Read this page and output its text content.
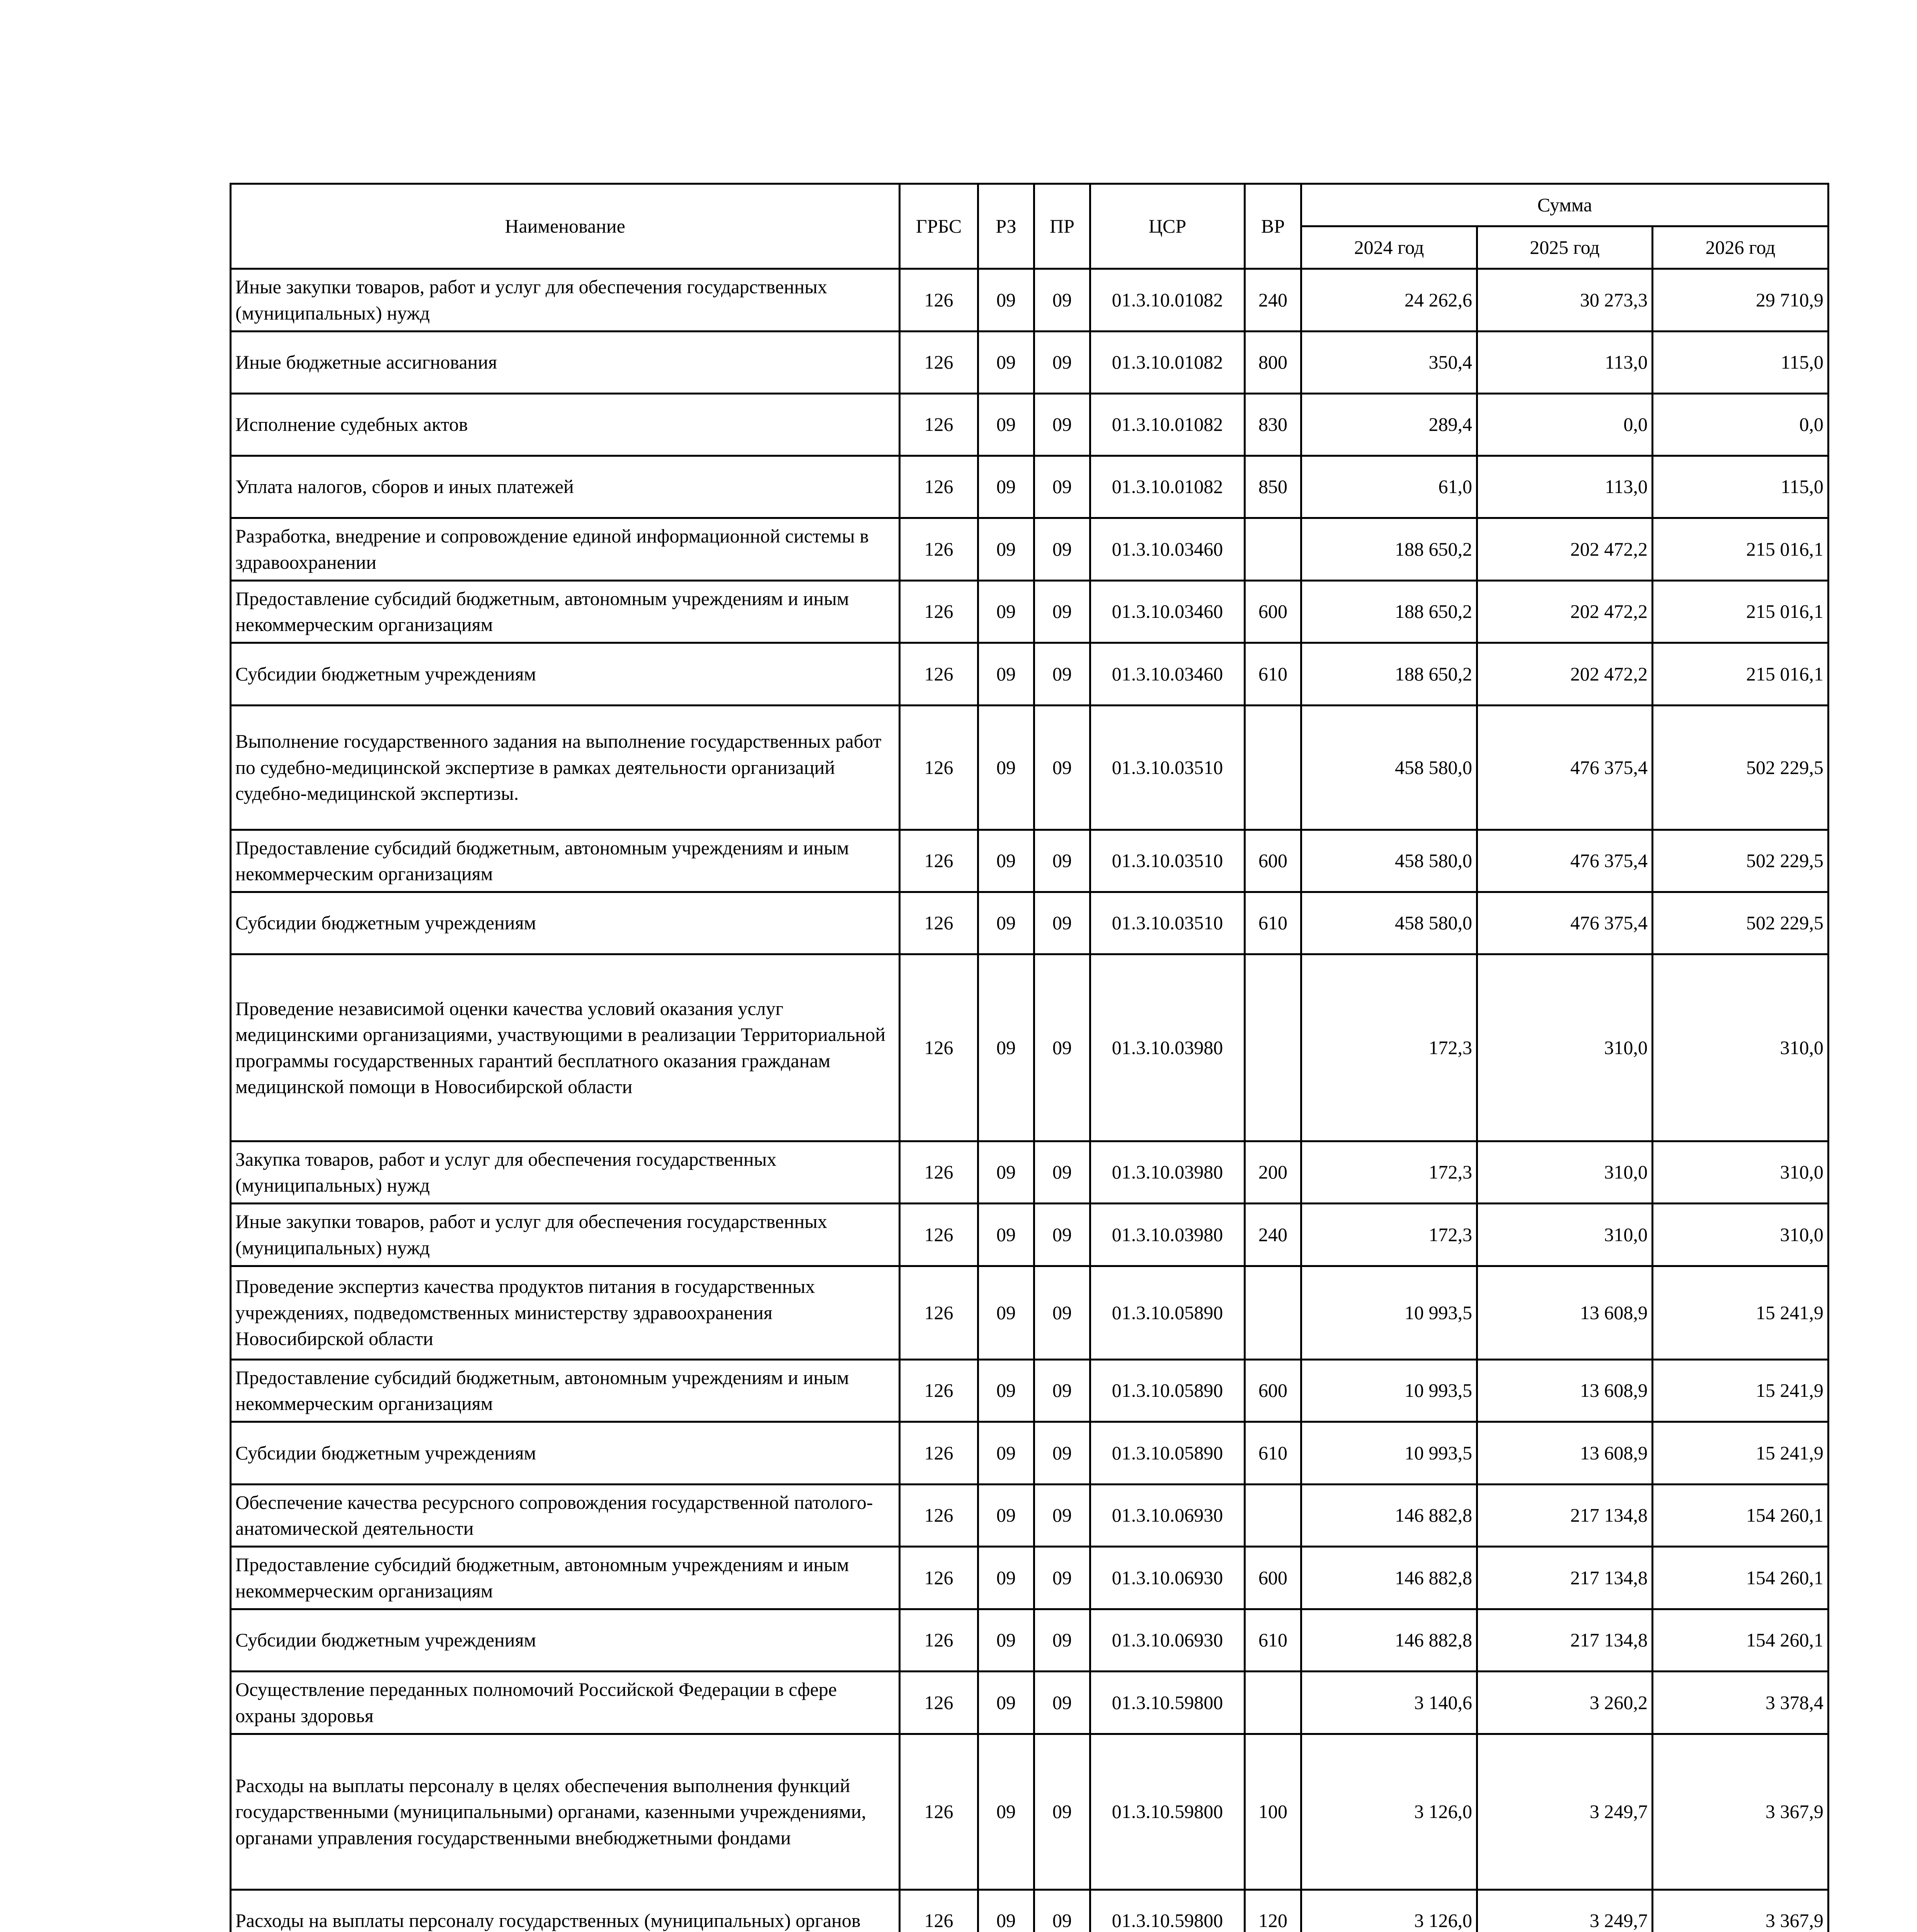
Наименование	ГРБС	РЗ	ПР	ЦСР	ВР	Сумма		
						2024 год	2025 год	2026 год
Иные закупки товаров, работ и услуг для обеспечения государственных (муниципальных) нужд	126	09	09	01.3.10.01082	240	24 262,6	30 273,3	29 710,9
Иные бюджетные ассигнования	126	09	09	01.3.10.01082	800	350,4	113,0	115,0
Исполнение судебных актов	126	09	09	01.3.10.01082	830	289,4	0,0	0,0
Уплата налогов, сборов и иных платежей	126	09	09	01.3.10.01082	850	61,0	113,0	115,0
Разработка, внедрение и сопровождение единой информационной системы в здравоохранении	126	09	09	01.3.10.03460		188 650,2	202 472,2	215 016,1
Предоставление субсидий бюджетным, автономным учреждениям и иным некоммерческим организациям	126	09	09	01.3.10.03460	600	188 650,2	202 472,2	215 016,1
Субсидии бюджетным учреждениям	126	09	09	01.3.10.03460	610	188 650,2	202 472,2	215 016,1
Выполнение государственного задания на выполнение государственных работ по судебно-медицинской экспертизе в рамках деятельности организаций судебно-медицинской экспертизы.	126	09	09	01.3.10.03510		458 580,0	476 375,4	502 229,5
Предоставление субсидий бюджетным, автономным учреждениям и иным некоммерческим организациям	126	09	09	01.3.10.03510	600	458 580,0	476 375,4	502 229,5
Субсидии бюджетным учреждениям	126	09	09	01.3.10.03510	610	458 580,0	476 375,4	502 229,5
Проведение независимой оценки качества условий оказания услуг медицинскими организациями, участвующими в реализации Территориальной программы государственных гарантий бесплатного оказания гражданам медицинской помощи в Новосибирской области	126	09	09	01.3.10.03980		172,3	310,0	310,0
Закупка товаров, работ и услуг для обеспечения государственных (муниципальных) нужд	126	09	09	01.3.10.03980	200	172,3	310,0	310,0
Иные закупки товаров, работ и услуг для обеспечения государственных (муниципальных) нужд	126	09	09	01.3.10.03980	240	172,3	310,0	310,0
Проведение экспертиз качества продуктов питания в государственных учреждениях, подведомственных министерству здравоохранения Новосибирской области	126	09	09	01.3.10.05890		10 993,5	13 608,9	15 241,9
Предоставление субсидий бюджетным, автономным учреждениям и иным некоммерческим организациям	126	09	09	01.3.10.05890	600	10 993,5	13 608,9	15 241,9
Субсидии бюджетным учреждениям	126	09	09	01.3.10.05890	610	10 993,5	13 608,9	15 241,9
Обеспечение качества ресурсного сопровождения государственной патолого-анатомической деятельности	126	09	09	01.3.10.06930		146 882,8	217 134,8	154 260,1
Предоставление субсидий бюджетным, автономным учреждениям и иным некоммерческим организациям	126	09	09	01.3.10.06930	600	146 882,8	217 134,8	154 260,1
Субсидии бюджетным учреждениям	126	09	09	01.3.10.06930	610	146 882,8	217 134,8	154 260,1
Осуществление переданных полномочий Российской Федерации в сфере охраны здоровья	126	09	09	01.3.10.59800		3 140,6	3 260,2	3 378,4
Расходы на выплаты персоналу в целях обеспечения выполнения функций государственными (муниципальными) органами, казенными учреждениями, органами управления государственными внебюджетными фондами	126	09	09	01.3.10.59800	100	3 126,0	3 249,7	3 367,9
Расходы на выплаты персоналу государственных (муниципальных) органов	126	09	09	01.3.10.59800	120	3 126,0	3 249,7	3 367,9
